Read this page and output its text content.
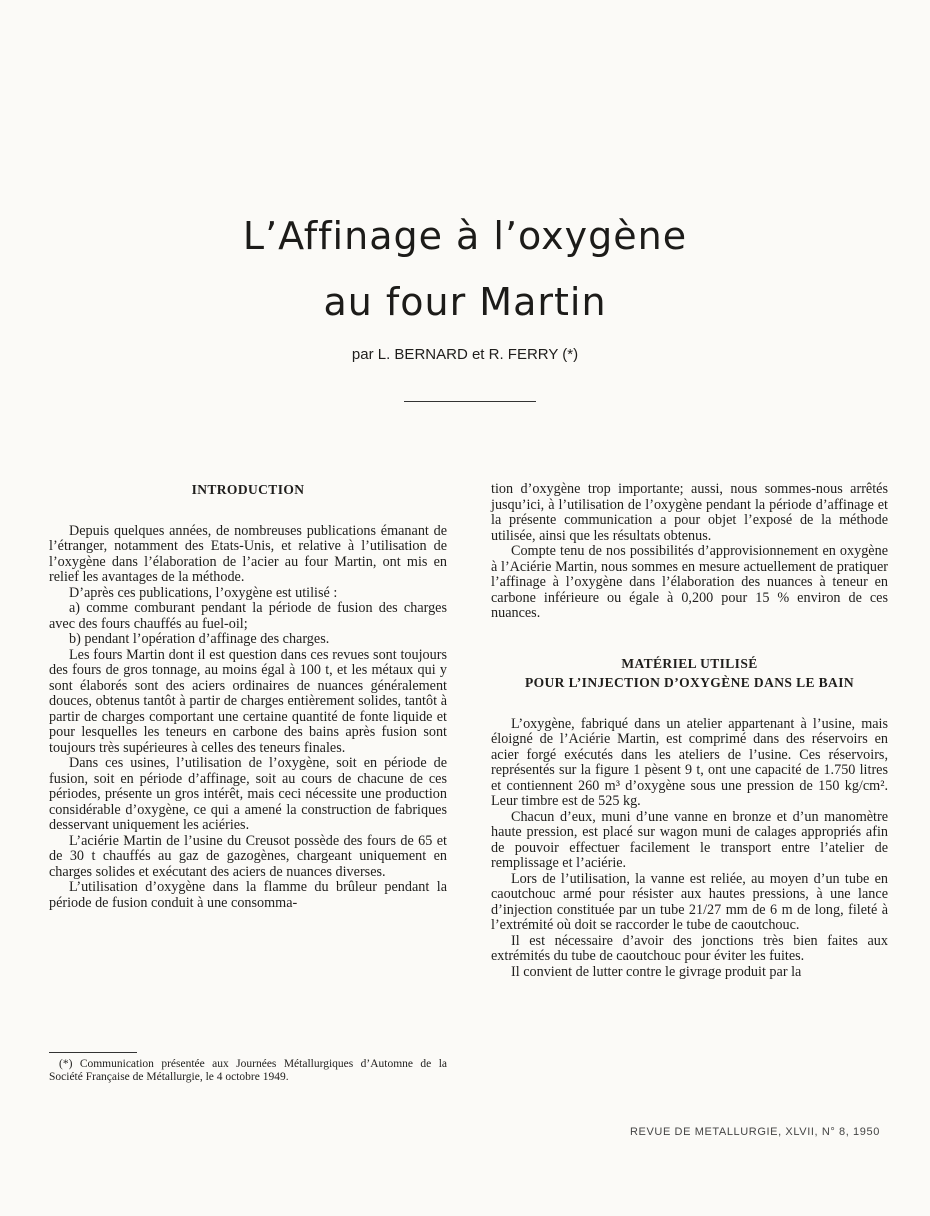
L’Affinage à l’oxygène
au four Martin
par L. BERNARD et R. FERRY (*)

INTRODUCTION

Depuis quelques années, de nombreuses publications émanant de l’étranger, notamment des Etats-Unis, et relative à l’utilisation de l’oxygène dans l’élaboration de l’acier au four Martin, ont mis en relief les avantages de la méthode.

D’après ces publications, l’oxygène est utilisé :

a) comme comburant pendant la période de fusion des charges avec des fours chauffés au fuel-oil;

b) pendant l’opération d’affinage des charges.

Les fours Martin dont il est question dans ces revues sont toujours des fours de gros tonnage, au moins égal à 100 t, et les métaux qui y sont élaborés sont des aciers ordinaires de nuances généralement douces, obtenus tantôt à partir de charges entièrement solides, tantôt à partir de charges comportant une certaine quantité de fonte liquide et pour lesquelles les teneurs en carbone des bains après fusion sont toujours très supérieures à celles des teneurs finales.

Dans ces usines, l’utilisation de l’oxygène, soit en période de fusion, soit en période d’affinage, soit au cours de chacune de ces périodes, présente un gros intérêt, mais ceci nécessite une production considérable d’oxygène, ce qui a amené la construction de fabriques desservant uniquement les aciéries.

L’aciérie Martin de l’usine du Creusot possède des fours de 65 et de 30 t chauffés au gaz de gazogènes, chargeant uniquement en charges solides et exécutant des aciers de nuances diverses.

L’utilisation d’oxygène dans la flamme du brûleur pendant la période de fusion conduit à une consomma-

tion d’oxygène trop importante; aussi, nous sommes-nous arrêtés jusqu’ici, à l’utilisation de l’oxygène pendant la période d’affinage et la présente communication a pour objet l’exposé de la méthode utilisée, ainsi que les résultats obtenus.

Compte tenu de nos possibilités d’approvisionnement en oxygène à l’Aciérie Martin, nous sommes en mesure actuellement de pratiquer l’affinage à l’oxygène dans l’élaboration des nuances à teneur en carbone inférieure ou égale à 0,200 pour 15 % environ de ces nuances.

MATÉRIEL UTILISÉ

POUR L’INJECTION D’OXYGÈNE DANS LE BAIN

L’oxygène, fabriqué dans un atelier appartenant à l’usine, mais éloigné de l’Aciérie Martin, est comprimé dans des réservoirs en acier forgé exécutés dans les ateliers de l’usine. Ces réservoirs, représentés sur la figure 1 pèsent 9 t, ont une capacité de 1.750 litres et contiennent 260 m³ d’oxygène sous une pression de 150 kg/cm². Leur timbre est de 525 kg.

Chacun d’eux, muni d’une vanne en bronze et d’un manomètre haute pression, est placé sur wagon muni de calages appropriés afin de pouvoir effectuer facilement le transport entre l’atelier de remplissage et l’aciérie.

Lors de l’utilisation, la vanne est reliée, au moyen d’un tube en caoutchouc armé pour résister aux hautes pressions, à une lance d’injection constituée par un tube 21/27 mm de 6 m de long, fileté à l’extrémité où doit se raccorder le tube de caoutchouc.

Il est nécessaire d’avoir des jonctions très bien faites aux extrémités du tube de caoutchouc pour éviter les fuites.

Il convient de lutter contre le givrage produit par la

(*) Communication présentée aux Journées Métallurgiques d’Automne de la Société Française de Métallurgie, le 4 octobre 1949.
REVUE DE METALLURGIE, XLVII, N° 8, 1950
